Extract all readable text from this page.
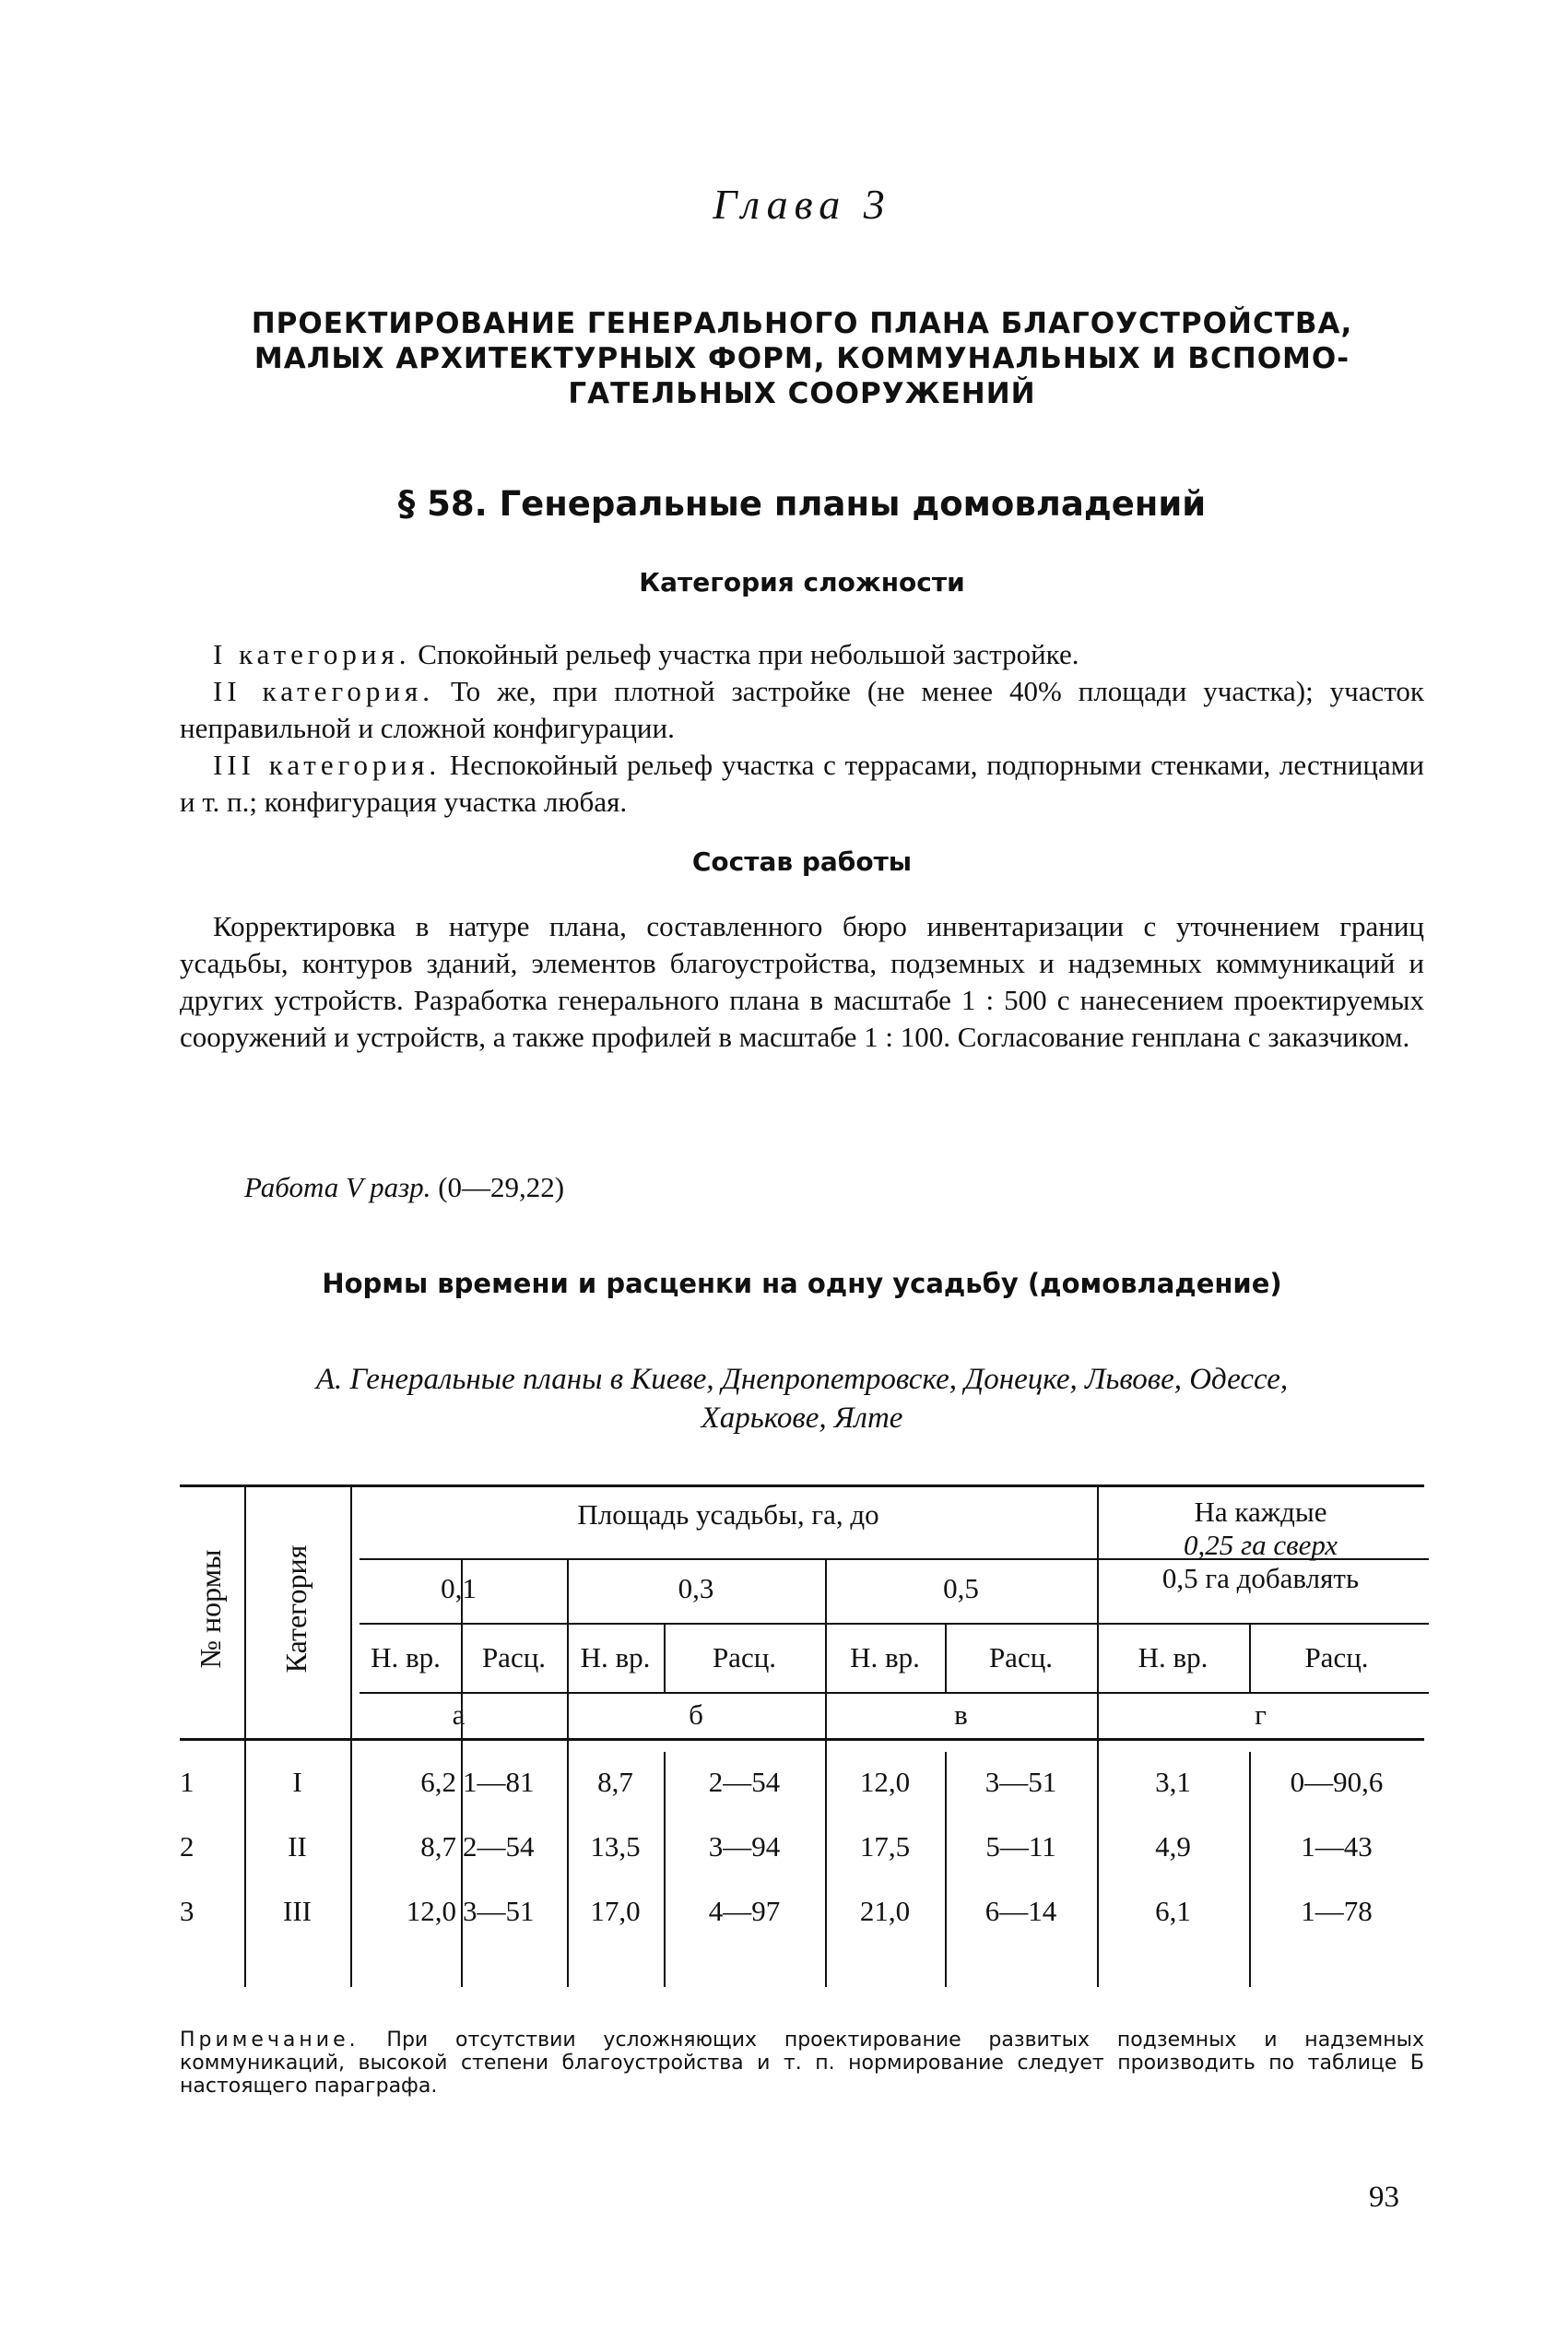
Глава 3
ПРОЕКТИРОВАНИЕ ГЕНЕРАЛЬНОГО ПЛАНА БЛАГОУСТРОЙСТВА,
МАЛЫХ АРХИТЕКТУРНЫХ ФОРМ, КОММУНАЛЬНЫХ И ВСПОМО-
ГАТЕЛЬНЫХ СООРУЖЕНИЙ
§ 58. Генеральные планы домовладений
Категория сложности

I категория. Спокойный рельеф участка при небольшой застройке.

II категория. То же, при плотной застройке (не менее 40% площади участка); участок неправильной и сложной конфигурации.

III категория. Неспокойный рельеф участка с террасами, подпорными стенками, лестницами и т. п.; конфигурация участка любая.

Состав работы

Корректировка в натуре плана, составленного бюро инвентаризации с уточнением границ усадьбы, контуров зданий, элементов благоустройства, подземных и надземных коммуникаций и других устройств. Разработка генерального плана в масштабе 1 : 500 с нанесением проектируемых сооружений и устройств, а также профилей в масштабе 1 : 100. Согласование генплана с заказчиком.

Работа V разр. (0—29,22)
Нормы времени и расценки на одну усадьбу (домовладение)
А. Генеральные планы в Киеве, Днепропетровске, Донецке, Львове, Одессе,
Харькове, Ялте
№ нормы Категория
Площадь усадьбы, га, до	На каждые
0,25 га сверх
0,5 га добавлять
0,1	0,3	0,5
Н. вр.	Расц.	Н. вр.	Расц.	Н. вр.	Расц.	Н. вр.	Расц.
а	б	в	г
1	I	6,2 1—81	8,7	2—54	12,0	3—51	3,1	0—90,6
2	II	8,7 2—54	13,5	3—94	17,5	5—11	4,9	1—43
3	III	12,0 3—51	17,0	4—97	21,0	6—14	6,1	1—78
Примечание. При отсутствии усложняющих проектирование развитых подземных и надземных коммуникаций, высокой степени благоустройства и т. п. нормирование следует производить по таблице Б настоящего параграфа.
93
